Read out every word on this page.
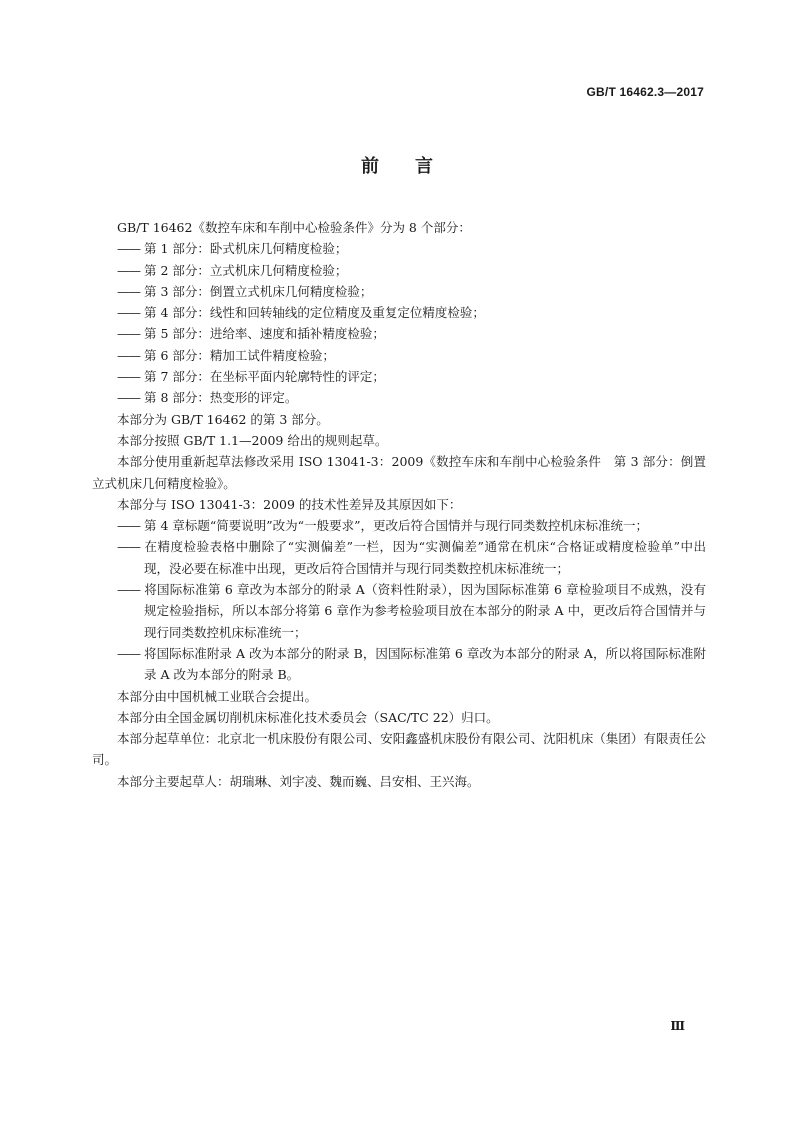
GB/T 16462.3—2017
前言

GB/T 16462《数控车床和车削中心检验条件》分为 8 个部分：

—— 第 1 部分：卧式机床几何精度检验；

—— 第 2 部分：立式机床几何精度检验；

—— 第 3 部分：倒置立式机床几何精度检验；

—— 第 4 部分：线性和回转轴线的定位精度及重复定位精度检验；

—— 第 5 部分：进给率、速度和插补精度检验；

—— 第 6 部分：精加工试件精度检验；

—— 第 7 部分：在坐标平面内轮廓特性的评定；

—— 第 8 部分：热变形的评定。

本部分为 GB/T 16462 的第 3 部分。

本部分按照 GB/T 1.1—2009 给出的规则起草。

本部分使用重新起草法修改采用 ISO 13041-3：2009《数控车床和车削中心检验条件　第 3 部分：倒置立式机床几何精度检验》。

本部分与 ISO 13041-3：2009 的技术性差异及其原因如下：

—— 第 4 章标题“简要说明”改为“一般要求”，更改后符合国情并与现行同类数控机床标准统一；

—— 在精度检验表格中删除了“实测偏差”一栏，因为“实测偏差”通常在机床“合格证或精度检验单”中出现，没必要在标准中出现，更改后符合国情并与现行同类数控机床标准统一；

—— 将国际标准第 6 章改为本部分的附录 A（资料性附录），因为国际标准第 6 章检验项目不成熟，没有规定检验指标，所以本部分将第 6 章作为参考检验项目放在本部分的附录 A 中，更改后符合国情并与现行同类数控机床标准统一；

—— 将国际标准附录 A 改为本部分的附录 B，因国际标准第 6 章改为本部分的附录 A，所以将国际标准附录 A 改为本部分的附录 B。

本部分由中国机械工业联合会提出。

本部分由全国金属切削机床标准化技术委员会（SAC/TC 22）归口。

本部分起草单位：北京北一机床股份有限公司、安阳鑫盛机床股份有限公司、沈阳机床（集团）有限责任公司。

本部分主要起草人：胡瑞琳、刘宇凌、魏而巍、吕安相、王兴海。

Ⅲ
